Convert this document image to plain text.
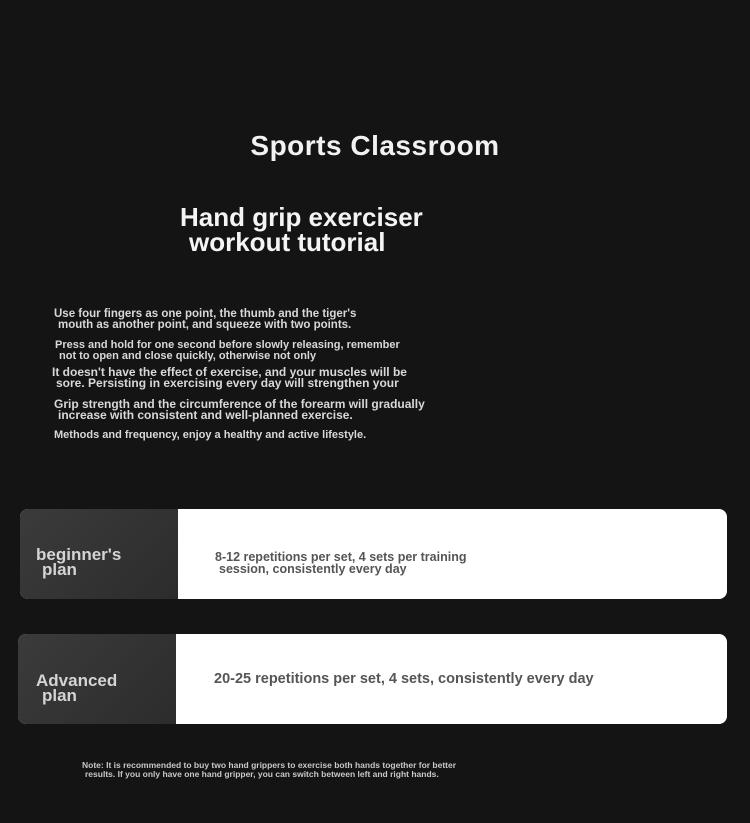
Sports Classroom
Hand grip exerciser
workout tutorial

Use four fingers as one point, the thumb and the tiger's
mouth as another point, and squeeze with two points.

Press and hold for one second before slowly releasing, remember
not to open and close quickly, otherwise not only

It doesn't have the effect of exercise, and your muscles will be
sore. Persisting in exercising every day will strengthen your

Grip strength and the circumference of the forearm will gradually
increase with consistent and well-planned exercise.

Methods and frequency, enjoy a healthy and active lifestyle.

beginner's
plan
8-12 repetitions per set, 4 sets per training
session, consistently every day
Advanced
plan
20-25 repetitions per set, 4 sets, consistently every day
Note: It is recommended to buy two hand grippers to exercise both hands together for better
results. If you only have one hand gripper, you can switch between left and right hands.
